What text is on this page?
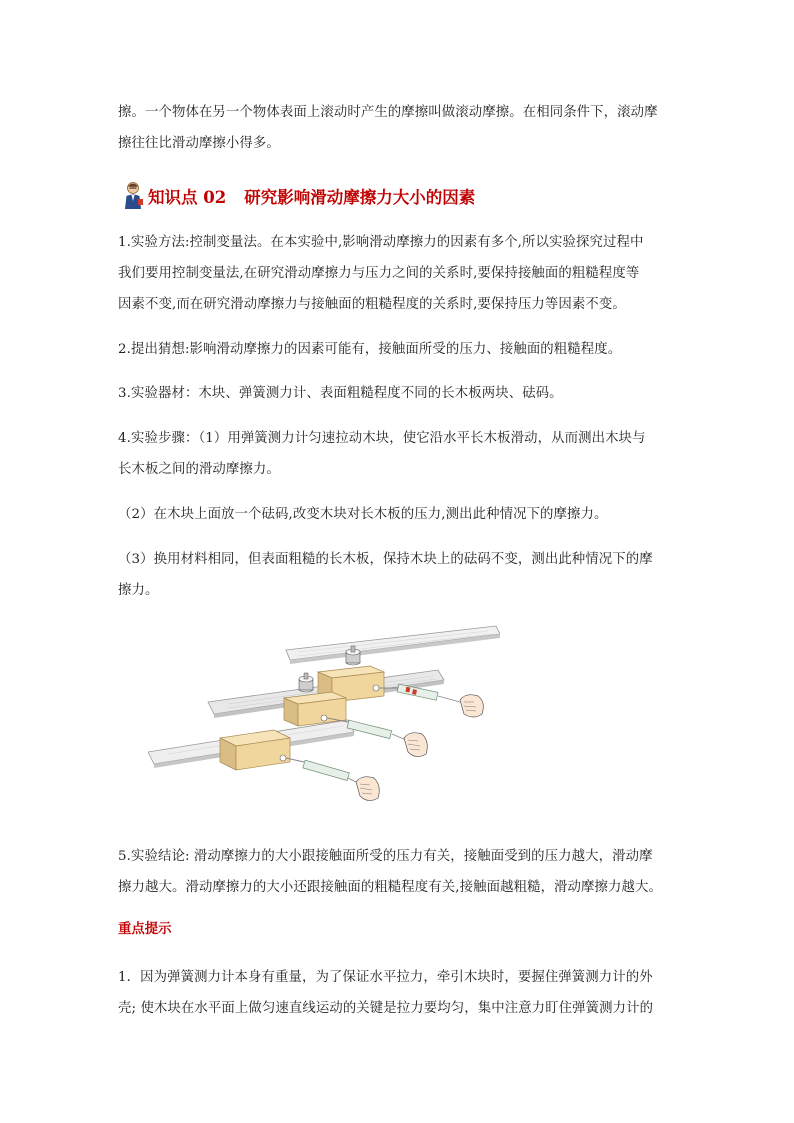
擦。一个物体在另一个物体表面上滚动时产生的摩擦叫做滚动摩擦。在相同条件下，滚动摩

擦往往比滑动摩擦小得多。

知识点 02 研究影响滑动摩擦力大小的因素

1.实验方法:控制变量法。在本实验中,影响滑动摩擦力的因素有多个,所以实验探究过程中

我们要用控制变量法,在研究滑动摩擦力与压力之间的关系时,要保持接触面的粗糙程度等

因素不变,而在研究滑动摩擦力与接触面的粗糙程度的关系时,要保持压力等因素不变。

2.提出猜想:影响滑动摩擦力的因素可能有，接触面所受的压力、接触面的粗糙程度。

3.实验器材：木块、弹簧测力计、表面粗糙程度不同的长木板两块、砝码。

4.实验步骤：（1）用弹簧测力计匀速拉动木块，使它沿水平长木板滑动，从而测出木块与

长木板之间的滑动摩擦力。

（2）在木块上面放一个砝码,改变木块对长木板的压力,测出此种情况下的摩擦力。

（3）换用材料相同，但表面粗糙的长木板，保持木块上的砝码不变，测出此种情况下的摩

擦力。

5.实验结论: 滑动摩擦力的大小跟接触面所受的压力有关，接触面受到的压力越大，滑动摩

擦力越大。滑动摩擦力的大小还跟接触面的粗糙程度有关,接触面越粗糙，滑动摩擦力越大。

重点提示

1．因为弹簧测力计本身有重量，为了保证水平拉力，牵引木块时，要握住弹簧测力计的外

壳; 使木块在水平面上做匀速直线运动的关键是拉力要均匀，集中注意力盯住弹簧测力计的
